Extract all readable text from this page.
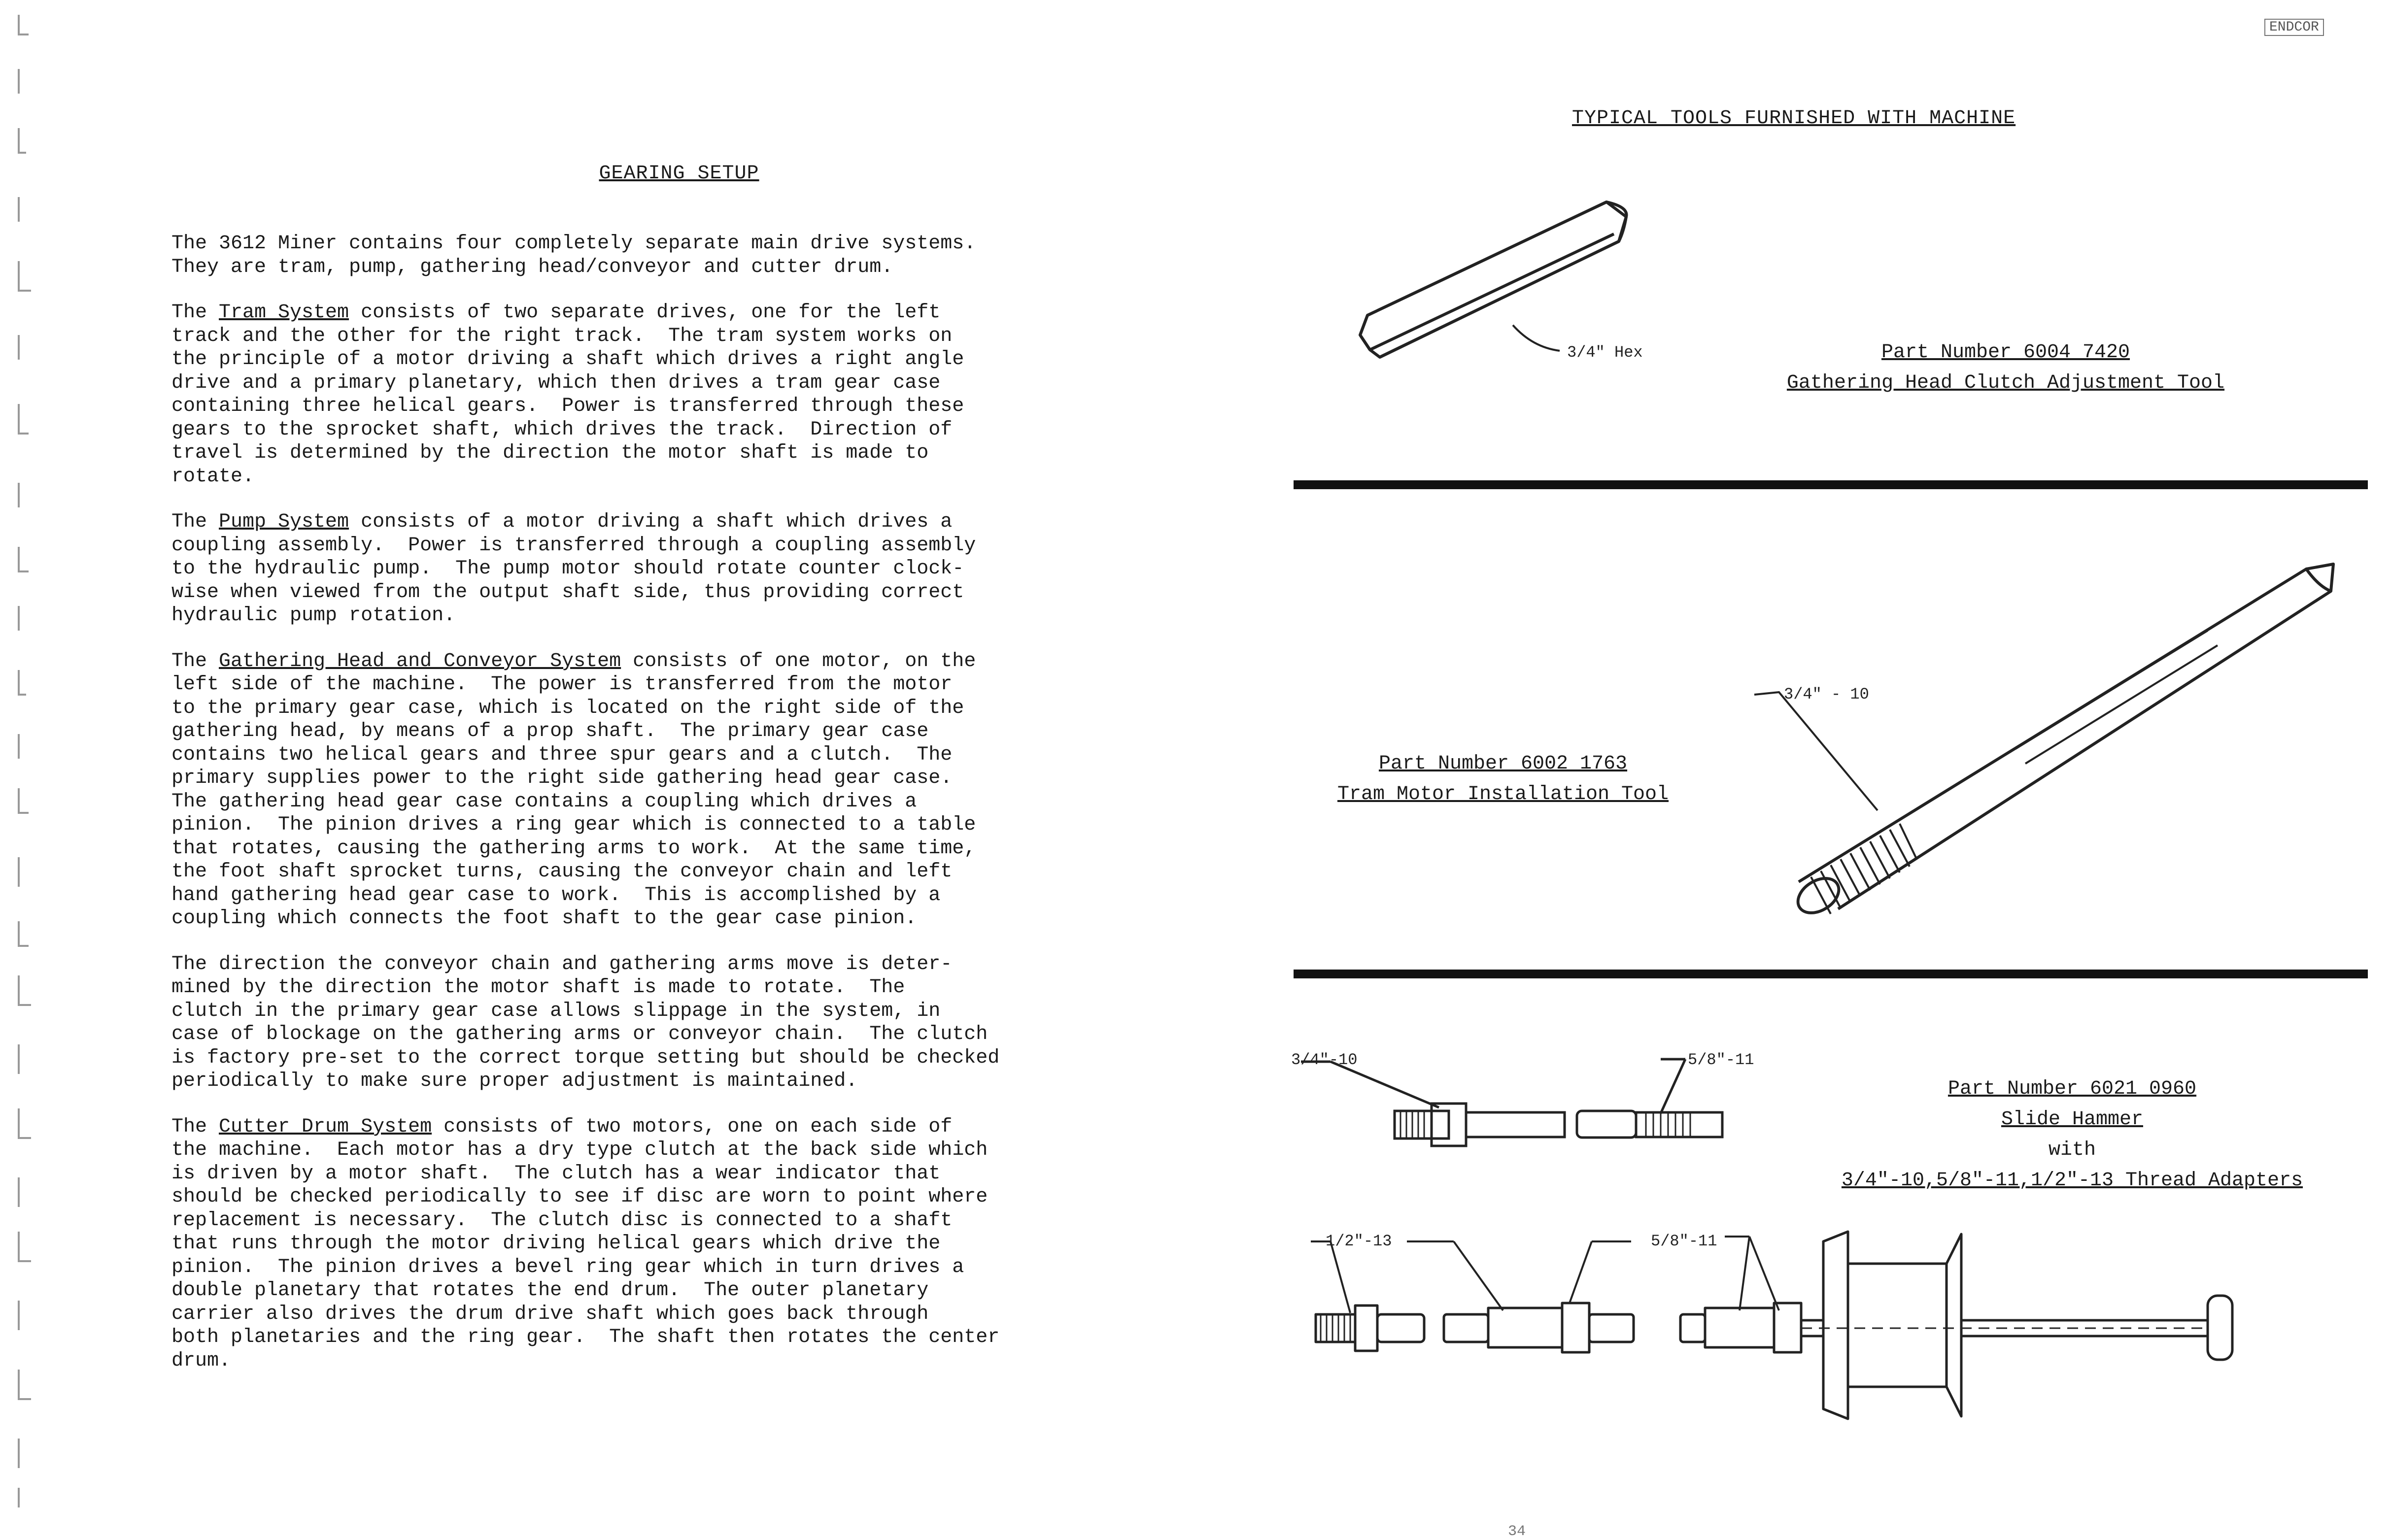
ENDCOR
GEARING SETUP
The 3612 Miner contains four completely separate main drive systems.
They are tram, pump, gathering head/conveyor and cutter drum.
The Tram System consists of two separate drives, one for the left
track and the other for the right track.  The tram system works on
the principle of a motor driving a shaft which drives a right angle
drive and a primary planetary, which then drives a tram gear case
containing three helical gears.  Power is transferred through these
gears to the sprocket shaft, which drives the track.  Direction of
travel is determined by the direction the motor shaft is made to
rotate.
The Pump System consists of a motor driving a shaft which drives a
coupling assembly.  Power is transferred through a coupling assembly
to the hydraulic pump.  The pump motor should rotate counter clock-
wise when viewed from the output shaft side, thus providing correct
hydraulic pump rotation.
The Gathering Head and Conveyor System consists of one motor, on the
left side of the machine.  The power is transferred from the motor
to the primary gear case, which is located on the right side of the
gathering head, by means of a prop shaft.  The primary gear case
contains two helical gears and three spur gears and a clutch.  The
primary supplies power to the right side gathering head gear case.
The gathering head gear case contains a coupling which drives a
pinion.  The pinion drives a ring gear which is connected to a table
that rotates, causing the gathering arms to work.  At the same time,
the foot shaft sprocket turns, causing the conveyor chain and left
hand gathering head gear case to work.  This is accomplished by a
coupling which connects the foot shaft to the gear case pinion.
The direction the conveyor chain and gathering arms move is deter-
mined by the direction the motor shaft is made to rotate.  The
clutch in the primary gear case allows slippage in the system, in
case of blockage on the gathering arms or conveyor chain.  The clutch
is factory pre-set to the correct torque setting but should be checked
periodically to make sure proper adjustment is maintained.
The Cutter Drum System consists of two motors, one on each side of
the machine.  Each motor has a dry type clutch at the back side which
is driven by a motor shaft.  The clutch has a wear indicator that
should be checked periodically to see if disc are worn to point where
replacement is necessary.  The clutch disc is connected to a shaft
that runs through the motor driving helical gears which drive the
pinion.  The pinion drives a bevel ring gear which in turn drives a
double planetary that rotates the end drum.  The outer planetary
carrier also drives the drum drive shaft which goes back through
both planetaries and the ring gear.  The shaft then rotates the center
drum.
TYPICAL TOOLS FURNISHED WITH MACHINE
3/4" Hex	Part Number 6004 7420
Gathering Head Clutch Adjustment Tool
3/4" - 10
Part Number 6002 1763
Tram Motor Installation Tool
3/4"-10	5/8"-11
Part Number 6021 0960
Slide Hammer
with
3/4"-10,5/8"-11,1/2"-13 Thread Adapters
1/2"-13	5/8"-11
34
